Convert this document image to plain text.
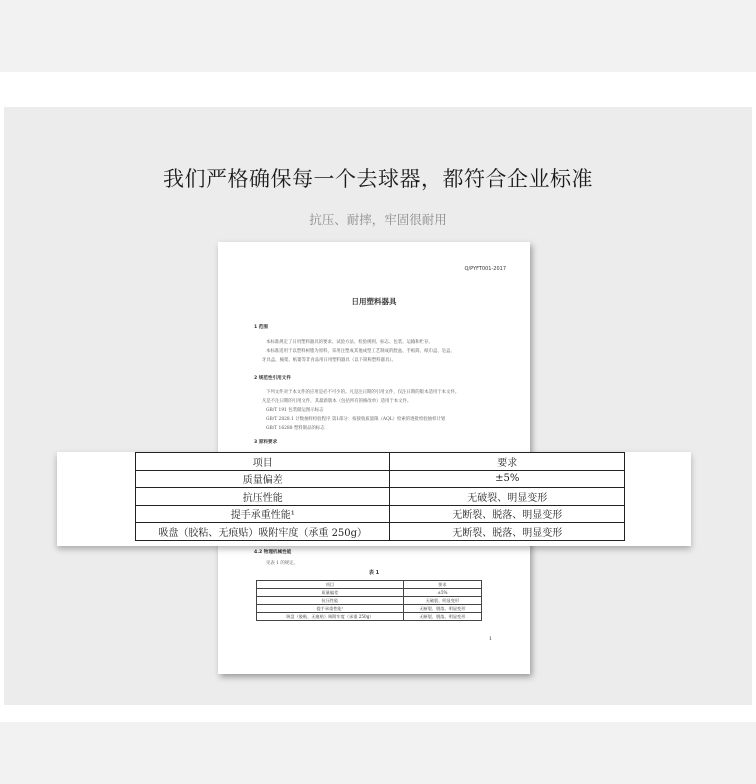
我们严格确保每一个去球器，都符合企业标准
抗压、耐摔，牢固很耐用
Q/PYFT001-2017
日用塑料器具
1 范围
本标准规定了日用塑料器具的要求、试验方法、检验规则、标志、包装、运输和贮存。
本标准适用于以塑料树脂为原料，采用注塑成其他成型工艺制成的脸盆、手纸筒、纸巾盒、皂盒、
牙具盒、桶架、纸篓等非食品用日用塑料器具（以下简称塑料器具）。
2 规范性引用文件
下列文件对于本文件的应用是必不可少的。凡是注日期的引用文件，仅注日期的版本适用于本文件。
凡是不注日期的引用文件，其最新版本（包括所有的修改单）适用于本文件。
GB/T 191 包装储运图示标志
GB/T 2828.1 计数抽样检验程序 第1部分：按接收质量限（AQL）检索的逐批检验抽样计划
GB/T 16288 塑料制品的标志
3 原料要求
4.2 物理机械性能
见表 1 的规定。
表 1
项目	要求
质量偏差	±5%
抗压性能	无破裂、明显变形
提手承重性能¹	无断裂、脱落、明显变形
吸盘（胶粘、无痕贴）吸附牢度（承重 250g）	无断裂、脱落、明显变形
1
项目	要求
质量偏差	±5%
抗压性能	无破裂、明显变形
提手承重性能¹	无断裂、脱落、明显变形
吸盘（胶粘、无痕贴）吸附牢度（承重 250g）	无断裂、脱落、明显变形
